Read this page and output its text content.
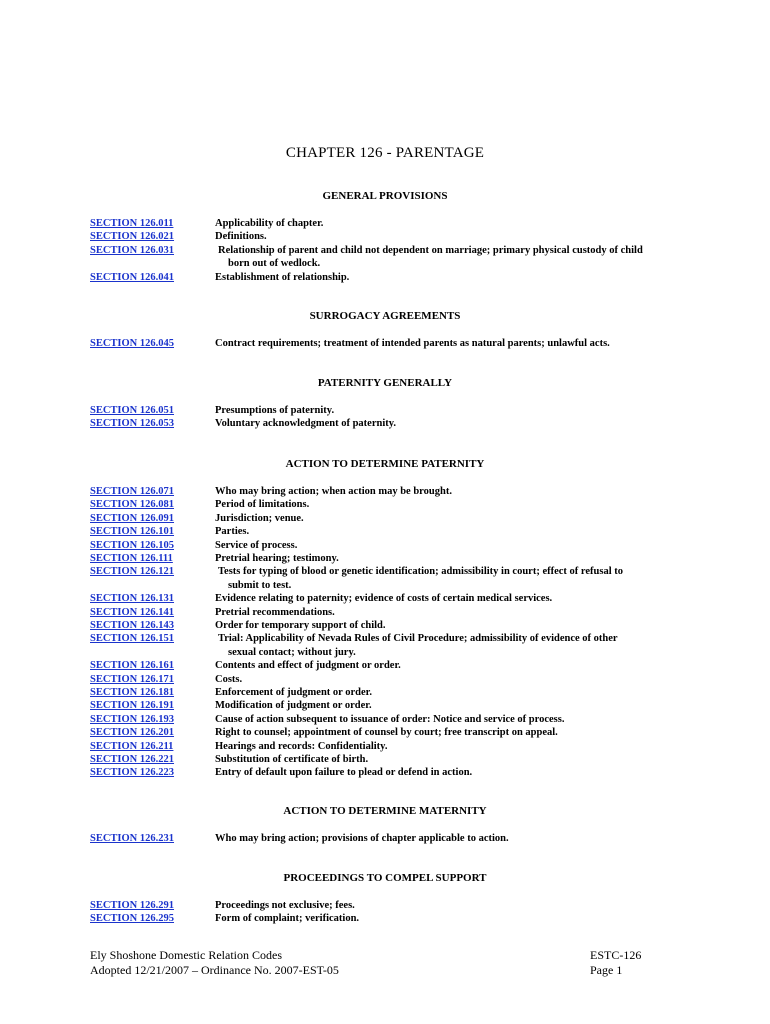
CHAPTER 126 - PARENTAGE
GENERAL PROVISIONS
SECTION 126.011	Applicability of chapter.
SECTION 126.021	Definitions.
SECTION 126.031	Relationship of parent and child not dependent on marriage; primary physical custody of child
born out of wedlock.
SECTION 126.041	Establishment of relationship.
SURROGACY AGREEMENTS
SECTION 126.045	Contract requirements; treatment of intended parents as natural parents; unlawful acts.
PATERNITY GENERALLY
SECTION 126.051	Presumptions of paternity.
SECTION 126.053	Voluntary acknowledgment of paternity.
ACTION TO DETERMINE PATERNITY
SECTION 126.071	Who may bring action; when action may be brought.
SECTION 126.081	Period of limitations.
SECTION 126.091	Jurisdiction; venue.
SECTION 126.101	Parties.
SECTION 126.105	Service of process.
SECTION 126.111	Pretrial hearing; testimony.
SECTION 126.121	Tests for typing of blood or genetic identification; admissibility in court; effect of refusal to
submit to test.
SECTION 126.131	Evidence relating to paternity; evidence of costs of certain medical services.
SECTION 126.141	Pretrial recommendations.
SECTION 126.143	Order for temporary support of child.
SECTION 126.151	Trial: Applicability of Nevada Rules of Civil Procedure; admissibility of evidence of other
sexual contact; without jury.
SECTION 126.161	Contents and effect of judgment or order.
SECTION 126.171	Costs.
SECTION 126.181	Enforcement of judgment or order.
SECTION 126.191	Modification of judgment or order.
SECTION 126.193	Cause of action subsequent to issuance of order: Notice and service of process.
SECTION 126.201	Right to counsel; appointment of counsel by court; free transcript on appeal.
SECTION 126.211	Hearings and records: Confidentiality.
SECTION 126.221	Substitution of certificate of birth.
SECTION 126.223	Entry of default upon failure to plead or defend in action.
ACTION TO DETERMINE MATERNITY
SECTION 126.231	Who may bring action; provisions of chapter applicable to action.
PROCEEDINGS TO COMPEL SUPPORT
SECTION 126.291	Proceedings not exclusive; fees.
SECTION 126.295	Form of complaint; verification.
Ely Shoshone Domestic Relation Codes
Adopted 12/21/2007 – Ordinance No. 2007-EST-05
ESTC-126
Page 1
